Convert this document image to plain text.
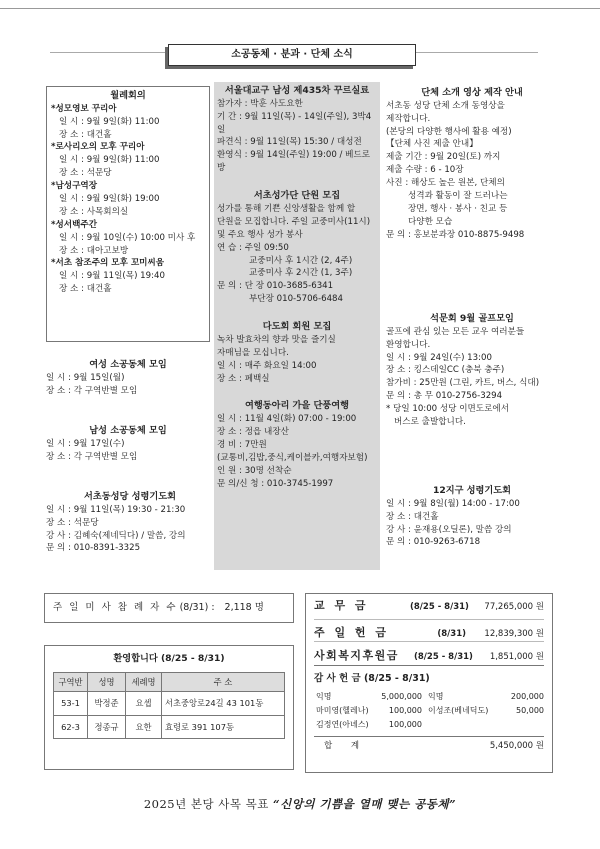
소공동체 · 분과 · 단체 소식
월례회의
*성모영보 꾸리아
일 시 : 9월 9일(화) 11:00
장 소 : 대건홀
*로사리오의 모후 꾸리아
일 시 : 9월 9일(화) 11:00
장 소 : 석문당
*남성구역장
일 시 : 9월 9일(화) 19:00
장 소 : 사목회의실
*성서백주간
일 시 : 9월 10일(수) 10:00 미사 후
장 소 : 대아고보방
*서초 참조주의 모후 꼬미씨움
일 시 : 9월 11일(목) 19:40
장 소 : 대건홀
여성 소공동체 모임
일 시 : 9월 15일(월)
장 소 : 각 구역반별 모임
남성 소공동체 모임
일 시 : 9월 17일(수)
장 소 : 각 구역반별 모임
서초동성당 성령기도회
일 시 : 9월 11일(목) 19:30 - 21:30
장 소 : 석문당
강 사 : 김혜숙(제네딕다) / 말씀, 강의
문 의 : 010-8391-3325
서울대교구 남성 제435차 꾸르실료
참가자 : 박훈 사도요한
기 간 : 9월 11일(목) - 14일(주일), 3박4일
파견식 : 9월 11일(목) 15:30 / 대성전
환영식 : 9월 14일(주일) 19:00 / 베드로방
서초성가단 단원 모집
성가를 통해 기쁜 신앙생활을 함께 할
단원을 모집합니다. 주일 교중미사(11시)
및 주요 행사 성가 봉사
연 습 : 주일 09:50
교중미사 후 1시간 (2, 4주)
교중미사 후 2시간 (1, 3주)
문 의 : 단 장 010-3685-6341
부단장 010-5706-6484
다도회 회원 모집
녹차 발효차의 향과 맛을 즐기실
자매님을 모십니다.
일 시 : 매주 화요일 14:00
장 소 : 페백실
여행동아리 가을 단풍여행
일 시 : 11월 4일(화) 07:00 - 19:00
장 소 : 정읍 내장산
경 비 : 7만원
(교통비,김밥,중식,케이블카,여행자보험)
인 원 : 30명 선착순
문 의/신 청 : 010-3745-1997
단체 소개 영상 제작 안내
서초동 성당 단체 소개 동영상을
제작합니다.
(본당의 다양한 행사에 활용 예정)
【단체 사진 제출 안내】
제출 기간 : 9월 20일(토) 까지
제출 수량 : 6 - 10장
사진 : 해상도 높은 원본, 단체의
성격과 활동이 잘 드러나는
장면, 행사 · 봉사 · 친교 등
다양한 모습
문 의 : 홍보분과장 010-8875-9498
석문회 9월 골프모임
골프에 관심 있는 모든 교우 여러분들
환영합니다.
일 시 : 9월 24일(수) 13:00
장 소 : 킹스데일CC (충북 충주)
참가비 : 25만원 (그린, 카트, 버스, 식대)
문 의 : 총 무 010-2756-3294
* 당일 10:00 성당 이면도로에서
버스로 출발합니다.
12지구 성령기도회
일 시 : 9월 8일(월) 14:00 - 17:00
장 소 : 대건홀
강 사 : 윤재용(오딜론), 말씀 강의
문 의 : 010-9263-6718
주 일 미 사 참 례 자 수 (8/31) : 2,118 명
환영합니다 (8/25 - 8/31)
구역반	성명	세례명	주 소
53-1	박정준	요셉	서초중앙로24길 43 101동
62-3	정종규	요한	효령로 391 107동
교 무 금	(8/25 - 8/31)	77,265,000 원
주 일 헌 금	(8/31)	12,839,300 원
사회복지후원금	(8/25 - 8/31)	1,851,000 원
감 사 헌 금 (8/25 - 8/31)
익명	5,000,000	익명	200,000
마미영(헬레나)	100,000	이성조(베네딕도)	50,000
김정연(아녜스)	100,000		
합 계	5,450,000 원
2025년 본당 사목 목표 “신앙의 기쁨을 열매 맺는 공동체”
